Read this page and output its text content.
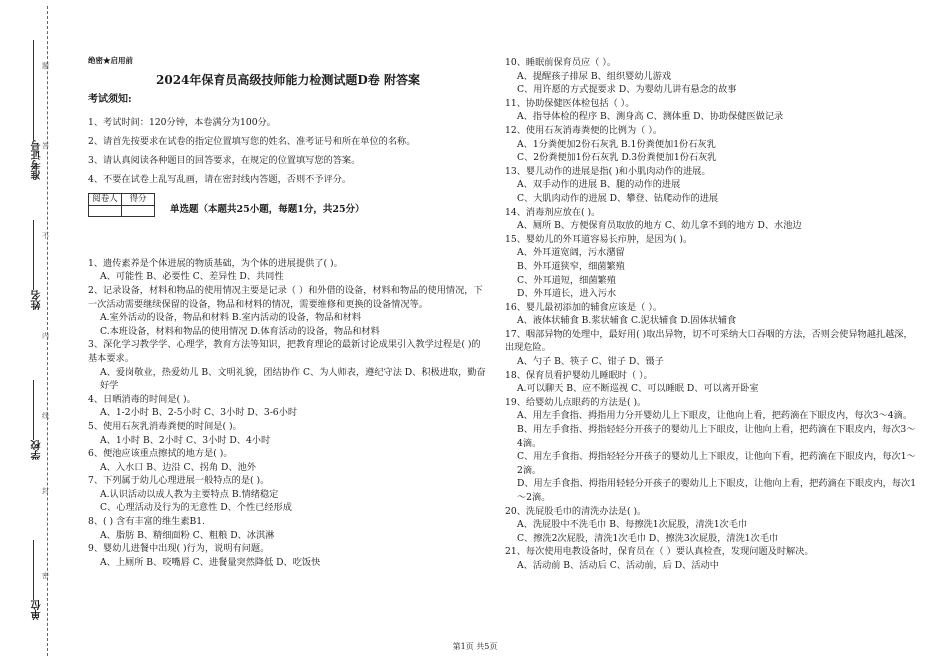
准考证号
姓名
学校
单位
题
答
不
内
线
封
密
绝密★启用前
2024年保育员高级技师能力检测试题D卷 附答案
考试须知:
1、考试时间：120分钟，本卷满分为100分。
2、请首先按要求在试卷的指定位置填写您的姓名、准考证号和所在单位的名称。
3、请认真阅读各种题目的回答要求，在规定的位置填写您的答案。
4、不要在试卷上乱写乱画，请在密封线内答题，否则不予评分。
阅卷人	得分

单选题（本题共25小题，每题1分，共25分）
1、遗传素养是个体进展的物质基础，为个体的进展提供了( )。
A、可能性 B、必要性 C、差异性 D、共同性
2、记录设备，材料和物品的使用情况主要是记录（ ）和外借的设备，材料和物品的使用情况，下一次活动需要继续保留的设备，物品和材料的情况，需要维修和更换的设备情况等。
A.室外活动的设备，物品和材料 B.室内活动的设备，物品和材料
C.本班设备，材料和物品的使用情况 D.体育活动的设备，物品和材料
3、深化学习教学学、心理学，教育方法等知识，把教育理论的最新讨论成果引入教学过程是( )的基本要求。
A、爱岗敬业，热爱幼儿 B、文明礼貌，团结协作 C、为人师表，遵纪守法 D、积极进取，勤奋好学
4、日晒消毒的时间是( )。
A、1-2小时 B、2-5小时 C、3小时 D、3-6小时
5、使用石灰乳消毒粪便的时间是( )。
A、1小时 B、2小时 C、3小时 D、4小时
6、便池应该重点擦拭的地方是( )。
A、入水口 B、边沿 C、拐角 D、池外
7、下列属于幼儿心理进展一般特点的是( )。
A.认识活动以成人教为主要特点 B.情绪稳定
C、心理活动及行为的无意性 D、个性已经形成
8、( ) 含有丰富的维生素B1.
A、脂肪 B、精细面粉 C、粗粮 D、冰淇淋
9、婴幼儿进餐中出现( )行为，说明有问题。
A、上厕所 B、咬嘴唇 C、进餐量突然降低 D、吃饭快
10、睡眠前保育员应（ ）。
A、提醒孩子排尿 B、组织婴幼儿游戏
C、用许愿的方式提要求 D、为婴幼儿讲有悬念的故事
11、协助保健医体检包括（ ）。
A、指导体检的程序 B、测身高 C、测体重 D、协助保健医做记录
12、使用石灰消毒粪便的比例为（ ）。
A、1分粪便加2份石灰乳 B.1份粪便加1份石灰乳
C、2份粪便加1份石灰乳 D.3份粪便加1份石灰乳
13、婴儿动作的进展是指( )和小肌肉动作的进展。
A、双手动作的进展 B、腿的动作的进展
C、大肌肉动作的进展 D、攀登、钻爬动作的进展
14、消毒剂应放在( )。
A、厕所 B、方便保育员取放的地方 C、幼儿拿不到的地方 D、水池边
15、婴幼儿的外耳道容易长疖肿，是因为( )。
A、外耳道宽阔，污水潴留
B、外耳道狭窄，细菌繁殖
C、外耳道短，细菌繁殖
D、外耳道长，进入污水
16、婴儿最初添加的辅食应该是（ ）。
A、液体状辅食 B.浆状辅食 C.泥状辅食 D.固体状辅食
17、咽部异物的处理中，最好用( )取出异物，切不可采纳大口吞咽的方法，否则会使异物越扎越深，出现危险。
A、勺子 B、筷子 C、钳子 D、镊子
18、保育员看护婴幼儿睡眠时（ ）。
A.可以聊天 B、应不断巡视 C、可以睡眠 D、可以离开卧室
19、给婴幼儿点眼药的方法是( )。
A、用左手食指、拇指用力分开婴幼儿上下眼皮，让他向上看，把药滴在下眼皮内，每次3～4滴。
B、用左手食指、拇指轻轻分开孩子的婴幼儿上下眼皮，让他向上看，把药滴在下眼皮内，每次3～4滴。
C、用左手食指、拇指轻轻分开孩子的婴幼儿上下眼皮，让他向下看，把药滴在下眼皮内，每次1～2滴。
D、用左手食指、拇指用轻轻分开孩子的婴幼儿上下眼皮，让他向上看，把药滴在下眼皮内，每次1～2滴。
20、洗屁股毛巾的清洗办法是( )。
A、洗屁股中不洗毛巾 B、每擦洗1次屁股，清洗1次毛巾
C、擦洗2次屁股，清洗1次毛巾 D、擦洗3次屁股，清洗1次毛巾
21、每次使用电教设备时，保育员在（ ）要认真检查，发现问题及时解决。
A、活动前 B、活动后 C、活动前，后 D、活动中
第1页 共5页
